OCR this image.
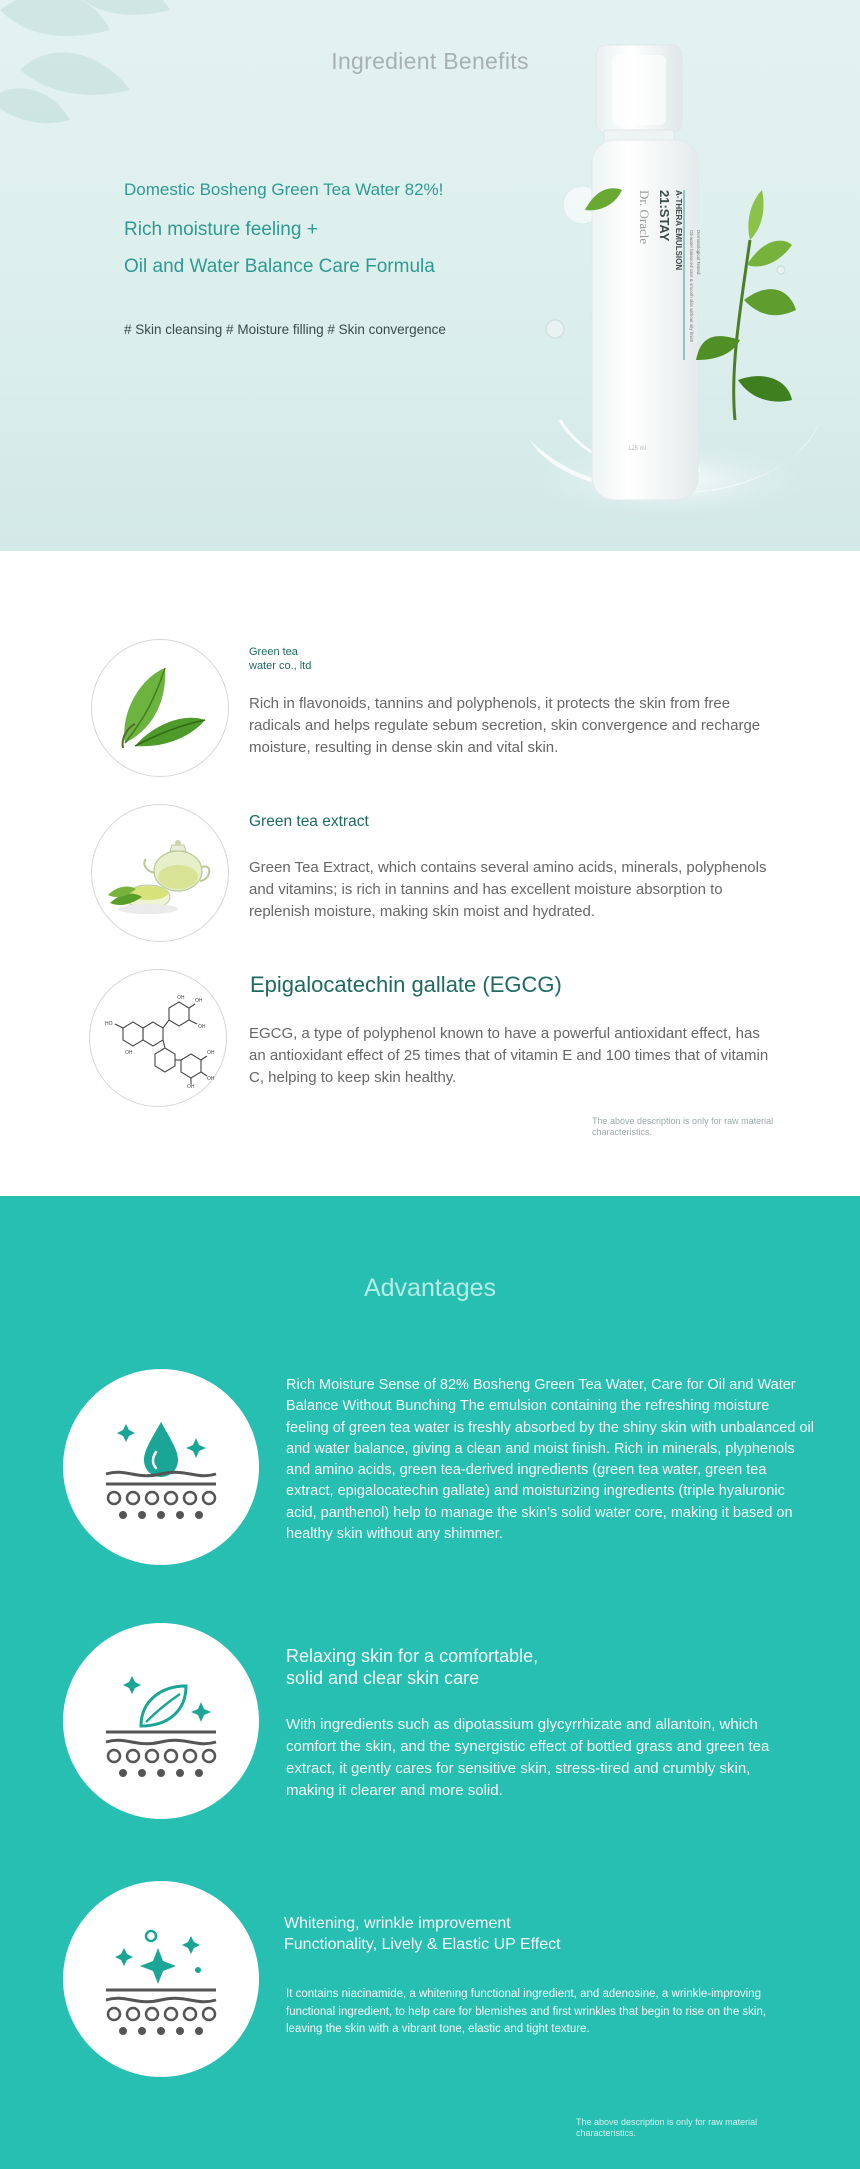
Ingredient Benefits
Domestic Bosheng Green Tea Water 82%!
Rich moisture feeling +
Oil and Water Balance Care Formula
# Skin cleansing # Moisture filling # Skin convergence
Dr. Oracle 21:STAY A-THERA EMULSION Oil-water balanced care & smooth skin without oily finish Dermatological Tested
125 ml
Green tea
water co., ltd
Rich in flavonoids, tannins and polyphenols, it protects the skin from free radicals and helps regulate sebum secretion, skin convergence and recharge moisture, resulting in dense skin and vital skin.
Green tea extract
Green Tea Extract, which contains several amino acids, minerals, polyphenols and vitamins; is rich in tannins and has excellent moisture absorption to replenish moisture, making skin moist and hydrated.
HO
OH
OH
OH
OH
OH
OH
OH
Epigalocatechin gallate (EGCG)
EGCG, a type of polyphenol known to have a powerful antioxidant effect, has an antioxidant effect of 25 times that of vitamin E and 100 times that of vitamin C, helping to keep skin healthy.
The above description is only for raw material characteristics.
Advantages
Rich Moisture Sense of 82% Bosheng Green Tea Water, Care for Oil and Water Balance Without Bunching The emulsion containing the refreshing moisture feeling of green tea water is freshly absorbed by the shiny skin with unbalanced oil and water balance, giving a clean and moist finish. Rich in minerals, plyphenols and amino acids, green tea-derived ingredients (green tea water, green tea extract, epigalocatechin gallate) and moisturizing ingredients (triple hyaluronic acid, panthenol) help to manage the skin's solid water core, making it based on healthy skin without any shimmer.
Relaxing skin for a comfortable,
solid and clear skin care
With ingredients such as dipotassium glycyrrhizate and allantoin, which comfort the skin, and the synergistic effect of bottled grass and green tea extract, it gently cares for sensitive skin, stress-tired and crumbly skin, making it clearer and more solid.
Whitening, wrinkle improvement
Functionality, Lively & Elastic UP Effect
It contains niacinamide, a whitening functional ingredient, and adenosine, a wrinkle-improving functional ingredient, to help care for blemishes and first wrinkles that begin to rise on the skin, leaving the skin with a vibrant tone, elastic and tight texture.
The above description is only for raw material characteristics.
